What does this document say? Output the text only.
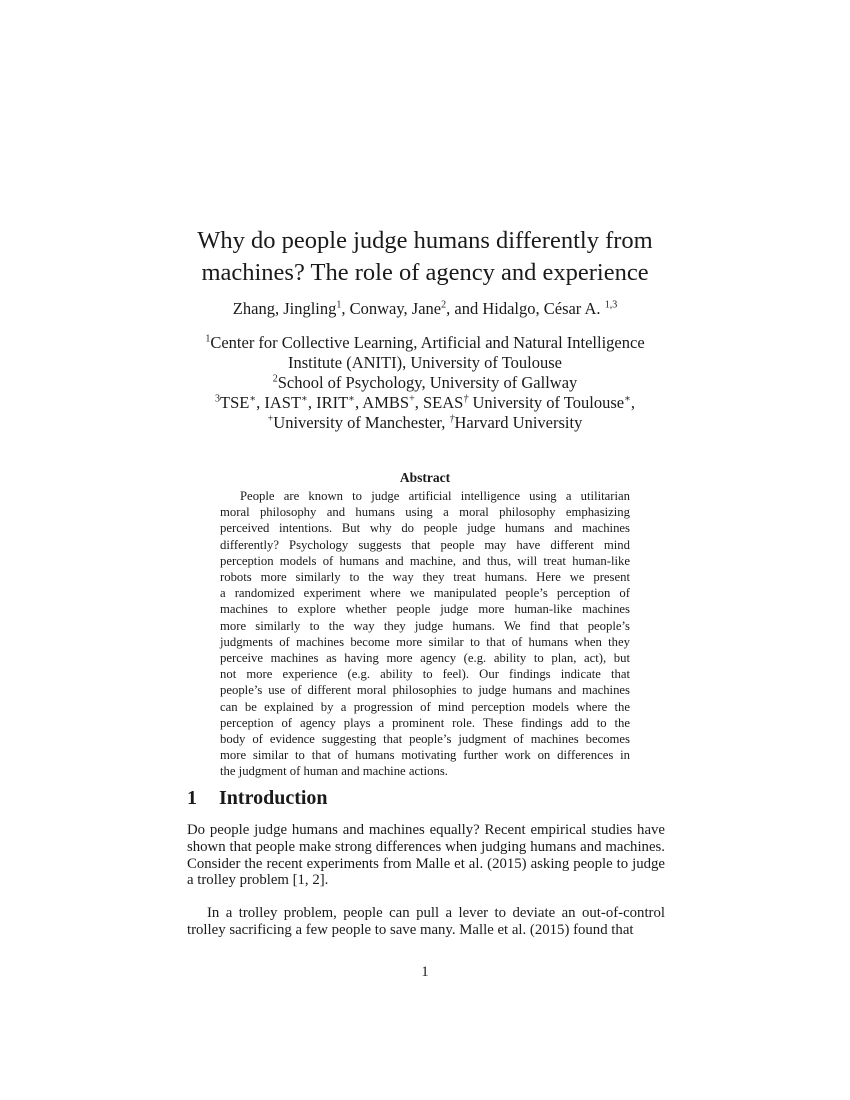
Why do people judge humans differently from
machines? The role of agency and experience
Zhang, Jingling$^1$, Conway, Jane$^2$, and Hidalgo, César A. $^{1,3}$
$^1$Center for Collective Learning, Artificial and Natural Intelligence
Institute (ANITI), University of Toulouse
$^2$School of Psychology, University of Gallway
$^3$TSE∗, IAST∗, IRIT∗, AMBS+, SEAS† University of Toulouse∗,
+University of Manchester, †Harvard University
Abstract
People are known to judge artificial intelligence using a utilitarian
moral philosophy and humans using a moral philosophy emphasizing
perceived intentions. But why do people judge humans and machines
differently? Psychology suggests that people may have different mind
perception models of humans and machine, and thus, will treat human-like
robots more similarly to the way they treat humans. Here we present
a randomized experiment where we manipulated people’s perception of
machines to explore whether people judge more human-like machines
more similarly to the way they judge humans. We find that people’s
judgments of machines become more similar to that of humans when they
perceive machines as having more agency (e.g. ability to plan, act), but
not more experience (e.g. ability to feel). Our findings indicate that
people’s use of different moral philosophies to judge humans and machines
can be explained by a progression of mind perception models where the
perception of agency plays a prominent role. These findings add to the
body of evidence suggesting that people’s judgment of machines becomes
more similar to that of humans motivating further work on differences in
the judgment of human and machine actions.
1 Introduction
Do people judge humans and machines equally? Recent empirical studies have
shown that people make strong differences when judging humans and machines.
Consider the recent experiments from Malle et al. (2015) asking people to judge
a trolley problem [1, 2].
In a trolley problem, people can pull a lever to deviate an out-of-control
trolley sacrificing a few people to save many. Malle et al. (2015) found that
1
